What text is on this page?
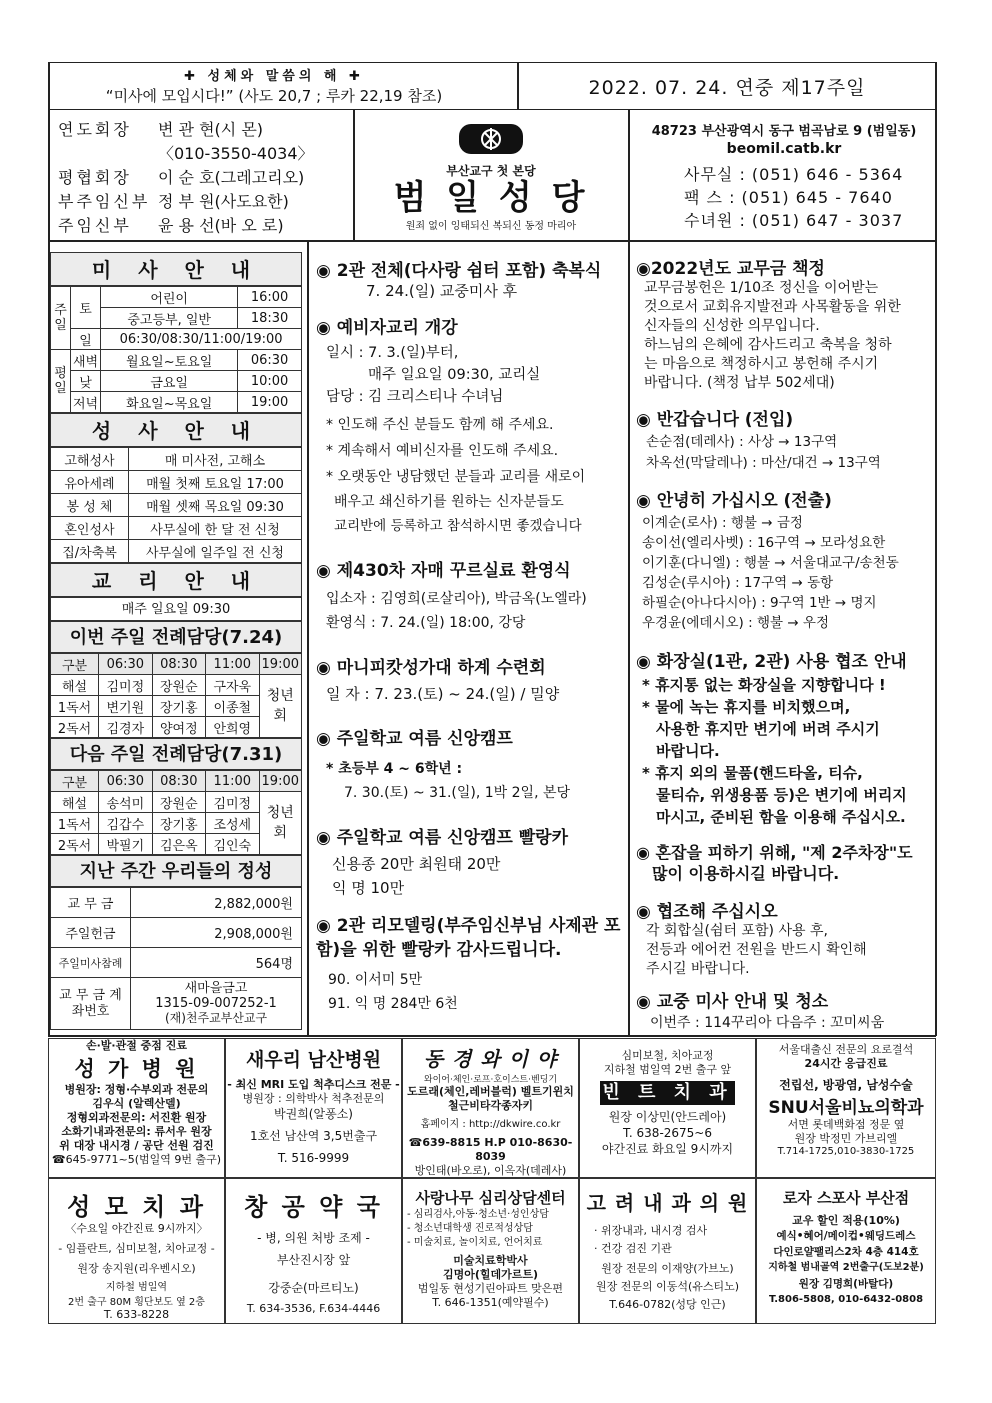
✚ 성체와 말씀의 해 ✚
“미사에 모입시다!” (사도 20,7 ; 루카 22,19 참조)	2022. 07. 24. 연중 제17주일
연도회장	변 관 현(시 몬)
〈010-3550-4034〉
평협회장	이 순 호(그레고리오)
부주임신부 정 부 원(사도요한)
주임신부	윤 용 선(바 오 로)
부산교구 첫 본당
범 일 성 당
원죄 없이 잉태되신 복되신 동정 마리아
48723 부산광역시 동구 범곡남로 9 (범일동)
beomil.catb.kr
사무실 : (051) 646 - 5364
팩 스 : (051) 645 - 7640
수녀원 : (051) 647 - 3037
미 사 안 내
주일	토	어린이	16:00
		중고등부, 일반	18:30
	일	06:30/08:30/11:00/19:00	
평일	새벽	월요일~토요일	06:30
	낮	금요일	10:00
	저녁	화요일~목요일	19:00
성 사 안 내
고해성사	매 미사전, 고해소
유아세례	매월 첫째 토요일 17:00
봉 성 체	매월 셋째 목요일 09:30
혼인성사	사무실에 한 달 전 신청
집/차축복	사무실에 일주일 전 신청
교 리 안 내
매주 일요일 09:30
이번 주일 전례담당(7.24)
구분	06:30	08:30	11:00	19:00
해설	김미정	장원순	구자욱	청년회
1독서	변기원	장기홍	이종철	
2독서	김경자	양여정	안희영	
다음 주일 전례담당(7.31)
구분	06:30	08:30	11:00	19:00
해설	송석미	장원순	김미정	청년회
1독서	김갑수	장기홍	조성세	
2독서	박필기	김은옥	김인숙	
지난 주간 우리들의 정성
교 무 금	2,882,000원
주일헌금	2,908,000원
주일미사참례	564명
교 무 금 계좌번호	새마을금고
1315-09-007252-1
(재)천주교부산교구
◉ 2관 전체(다사랑 쉼터 포함) 축복식
7. 24.(일) 교중미사 후
◉ 예비자교리 개강
일시 : 7. 3.(일)부터,
매주 일요일 09:30, 교리실
담당 : 김 크리스티나 수녀님
* 인도해 주신 분들도 함께 해 주세요.
* 계속해서 예비신자를 인도해 주세요.
* 오랫동안 냉담했던 분들과 교리를 새로이
배우고 쇄신하기를 원하는 신자분들도
교리반에 등록하고 참석하시면 좋겠습니다
◉ 제430차 자매 꾸르실료 환영식
입소자 : 김영희(로살리아), 박금옥(노엘라)
환영식 : 7. 24.(일) 18:00, 강당
◉ 마니피캇성가대 하계 수련회
일 자 : 7. 23.(토) ~ 24.(일) / 밀양
◉ 주일학교 여름 신앙캠프
* 초등부 4 ~ 6학년 :
7. 30.(토) ~ 31.(일), 1박 2일, 본당
◉ 주일학교 여름 신앙캠프 빨랑카
신용종 20만 최원태 20만
익 명 10만
◉ 2관 리모델링(부주임신부님 사제관 포함)을 위한 빨랑카 감사드립니다.
90. 이서미 5만
91. 익 명 284만 6천
◉2022년도 교무금 책정
교무금봉헌은 1/10조 정신을 이어받는
것으로서 교회유지발전과 사목활동을 위한
신자들의 신성한 의무입니다.
하느님의 은혜에 감사드리고 축복을 청하
는 마음으로 책정하시고 봉헌해 주시기
바랍니다. (책정 납부 502세대)
◉ 반갑습니다 (전입)
손순점(데레사) : 사상 → 13구역
차옥선(막달레나) : 마산/대건 → 13구역
◉ 안녕히 가십시오 (전출)
이계순(로사) : 행불 → 금정
송이선(엘리사벳) : 16구역 → 모라성요한
이기훈(다니엘) : 행불 → 서울대교구/송천동
김성순(루시아) : 17구역 → 동항
하필순(아나다시아) : 9구역 1반 → 명지
우경윤(에데시오) : 행불 → 우정
◉ 화장실(1관, 2관) 사용 협조 안내
* 휴지통 없는 화장실을 지향합니다 !
* 물에 녹는 휴지를 비치했으며,
사용한 휴지만 변기에 버려 주시기
바랍니다.
* 휴지 외의 물품(핸드타올, 티슈,
물티슈, 위생용품 등)은 변기에 버리지
마시고, 준비된 함을 이용해 주십시오.
◉ 혼잡을 피하기 위해, "제 2주차장"도
많이 이용하시길 바랍니다.
◉ 협조해 주십시오
각 회합실(쉼터 포함) 사용 후,
전등과 에어컨 전원을 반드시 확인해
주시길 바랍니다.
◉ 교중 미사 안내 및 청소
이번주 : 114꾸리아 다음주 : 꼬미씨움
손·발·관절 중점 진료
성 가 병 원
병원장: 정형·수부외과 전문의
김우식 (알렉산델)
정형외과전문의: 서진환 원장
소화기내과전문의: 류서우 원장
위 대장 내시경 / 공단 선원 검진
☎645-9771~5(범일역 9번 출구)
새우리 남산병원
- 최신 MRI 도입 척추디스크 전문 -
병원장 : 의학박사 척추전문의
박권희(알퐁소)
1호선 남산역 3,5번출구
T. 516-9999
동 경 와 이 야
와이어·체인·로프·호이스트·벤딩기
도르래(체인,레버블럭) 벨트기윈치
철근비타각종자키
홈페이지 : http://dkwire.co.kr
☎639-8815 H.P 010-8630-8039
방인태(바오로), 이옥자(데레사)
심미보철, 치아교정
지하철 범일역 2번 출구 앞
빈 트 치 과
원장 이상민(안드레아)
T. 638-2675~6
야간진료 화요일 9시까지
서울대출신 전문의 요로결석
24시간 응급진료
전립선, 방광염, 남성수술
SNU서울비뇨의학과
서면 롯데백화점 정문 옆
원장 박정민 가브리엘
T.714-1725,010-3830-1725
성 모 치 과
〈수요일 야간진료 9시까지〉
- 임플란트, 심미보철, 치아교정 -
원장 송지원(리우벤시오)
지하철 범일역
2번 출구 80M 횡단보도 옆 2층
T. 633-8228
창 공 약 국
- 병, 의원 처방 조제 -
부산진시장 앞
강중순(마르티노)
T. 634-3536, F.634-4446
사랑나무 심리상담센터
- 심리검사,아동·청소년·성인상담
- 청소년대학생 진로적성상담
- 미술치료, 놀이치료, 언어치료
미술치료학박사
김명아(힐데가르트)
범일동 현성기린아파트 맞은편
T. 646-1351(예약필수)
고 려 내 과 의 원
· 위장내과, 내시경 검사
· 건강 검진 기관
원장 전문의 이재양(가브노)
원장 전문의 이동석(유스티노)
T.646-0782(성당 인근)
로자 스포사 부산점
교우 할인 적용(10%)
예식•혜어/메이컵•웨딩드레스
다인로얄팰리스2차 4층 414호
지하철 범내골역 2번출구(도보2분)
원장 김명희(바탈다)
T.806-5808, 010-6432-0808
